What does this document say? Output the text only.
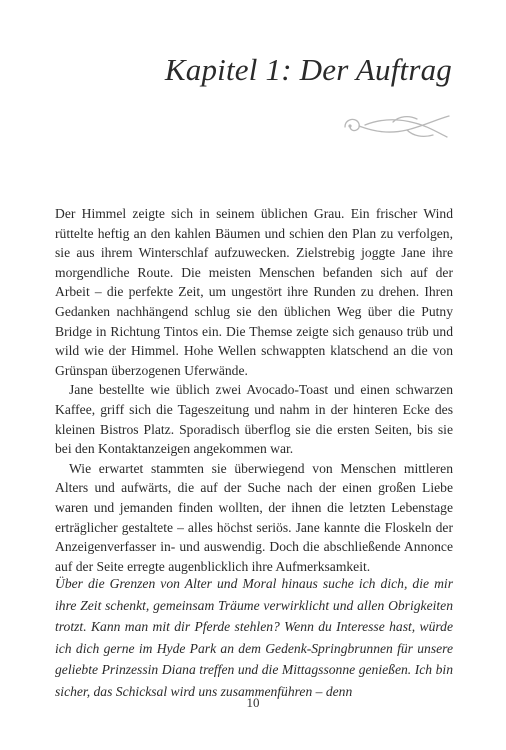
Kapitel 1: Der Auftrag

Der Himmel zeigte sich in seinem üblichen Grau. Ein frischer Wind rüttelte heftig an den kahlen Bäumen und schien den Plan zu verfolgen, sie aus ihrem Winterschlaf aufzuwecken. Zielstrebig joggte Jane ihre morgendliche Route. Die meisten Menschen befanden sich auf der Arbeit – die perfekte Zeit, um ungestört ihre Runden zu drehen. Ihren Gedanken nachhängend schlug sie den üblichen Weg über die Putny Bridge in Richtung Tintos ein. Die Themse zeigte sich genauso trüb und wild wie der Himmel. Hohe Wellen schwappten klatschend an die von Grünspan überzogenen Uferwände.

Jane bestellte wie üblich zwei Avocado-Toast und einen schwarzen Kaffee, griff sich die Tageszeitung und nahm in der hinteren Ecke des kleinen Bistros Platz. Sporadisch überflog sie die ersten Seiten, bis sie bei den Kontaktanzeigen angekommen war.

Wie erwartet stammten sie überwiegend von Menschen mittleren Alters und aufwärts, die auf der Suche nach der einen großen Liebe waren und jemanden finden wollten, der ihnen die letzten Lebenstage erträglicher gestaltete – alles höchst seriös. Jane kannte die Floskeln der Anzeigenverfasser in- und auswendig. Doch die abschließende Annonce auf der Seite erregte augenblicklich ihre Aufmerksamkeit.

Über die Grenzen von Alter und Moral hinaus suche ich dich, die mir ihre Zeit schenkt, gemeinsam Träume verwirklicht und allen Obrigkeiten trotzt. Kann man mit dir Pferde stehlen? Wenn du Interesse hast, würde ich dich gerne im Hyde Park an dem Gedenk-Springbrunnen für unsere geliebte Prinzessin Diana treffen und die Mittagssonne genießen. Ich bin sicher, das Schicksal wird uns zusammenführen – denn

10
